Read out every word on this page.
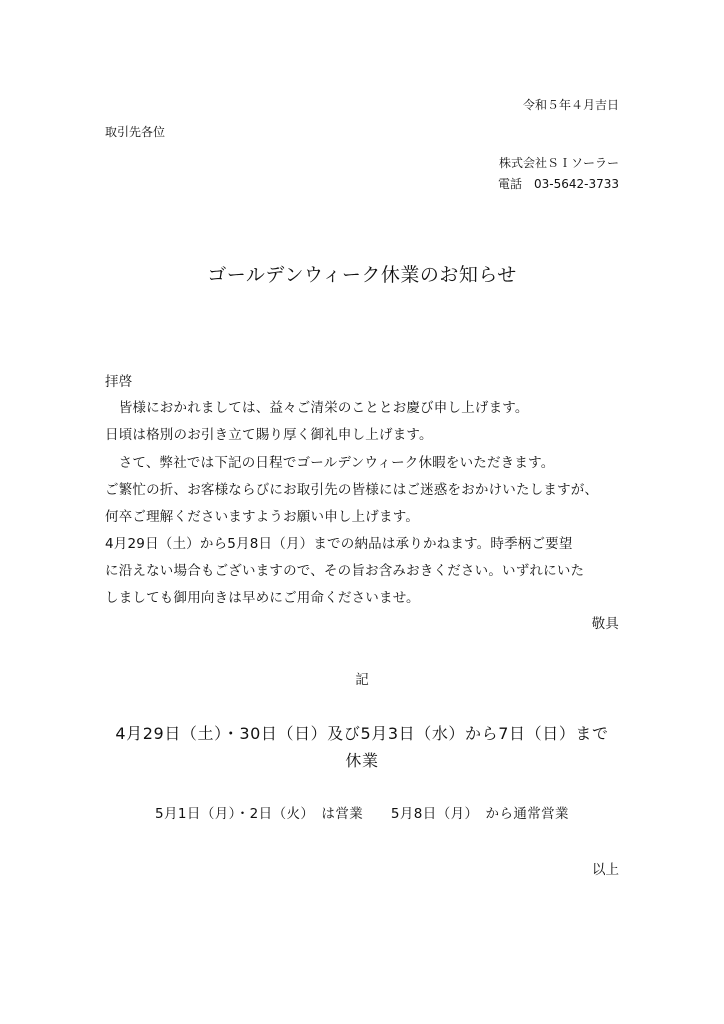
令和５年４月吉日
取引先各位
株式会社ＳＩソーラー
電話　03-5642-3733
ゴールデンウィーク休業のお知らせ
拝啓
　皆様におかれましては、益々ご清栄のこととお慶び申し上げます。
日頃は格別のお引き立て賜り厚く御礼申し上げます。
　さて、弊社では下記の日程でゴールデンウィーク休暇をいただきます。
ご繁忙の折、お客様ならびにお取引先の皆様にはご迷惑をおかけいたしますが、
何卒ご理解くださいますようお願い申し上げます。
4月29日（土）から5月8日（月）までの納品は承りかねます。時季柄ご要望
に沿えない場合もございますので、その旨お含みおきください。いずれにいた
しましても御用向きは早めにご用命くださいませ。
敬具
記
4月29日（土）・30日（日）及び5月3日（水）から7日（日）まで
休業
5月1日（月）・2日（火）　は営業　　5月8日（月）　から通常営業
以上
